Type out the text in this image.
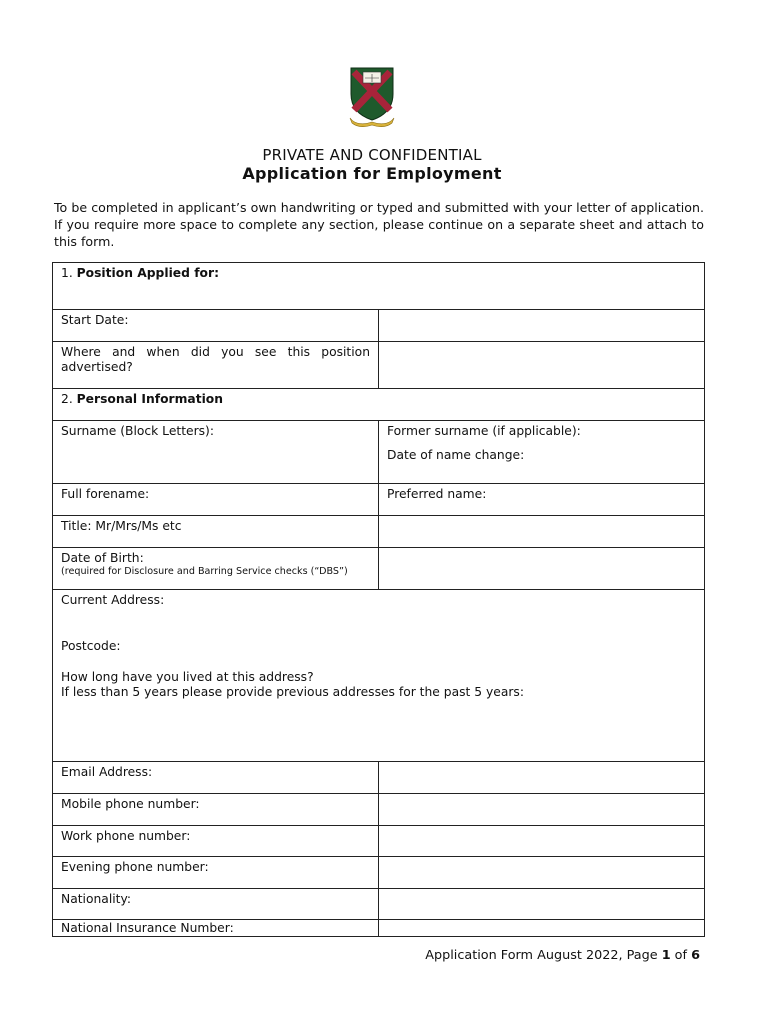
PRIVATE AND CONFIDENTIAL
Application for Employment

To be completed in applicant’s own handwriting or typed and submitted with your letter of application. If you require more space to complete any section, please continue on a separate sheet and attach to this form.

1. Position Applied for:	
Start Date:	
Where and when did you see this position advertised?	
2. Personal Information	
Surname (Block Letters):	Former surname (if applicable):
Date of name change:

Full forename:	Preferred name:
Title: Mr/Mrs/Ms etc	

Date of Birth:
(required for Disclosure and Barring Service checks (“DBS”)	

Current Address:
Postcode:
How long have you lived at this address?
If less than 5 years please provide previous addresses for the past 5 years:	

Email Address:	
Mobile phone number:	
Work phone number:	
Evening phone number:	
Nationality:	
National Insurance Number:	
Application Form August 2022, Page 1 of 6
